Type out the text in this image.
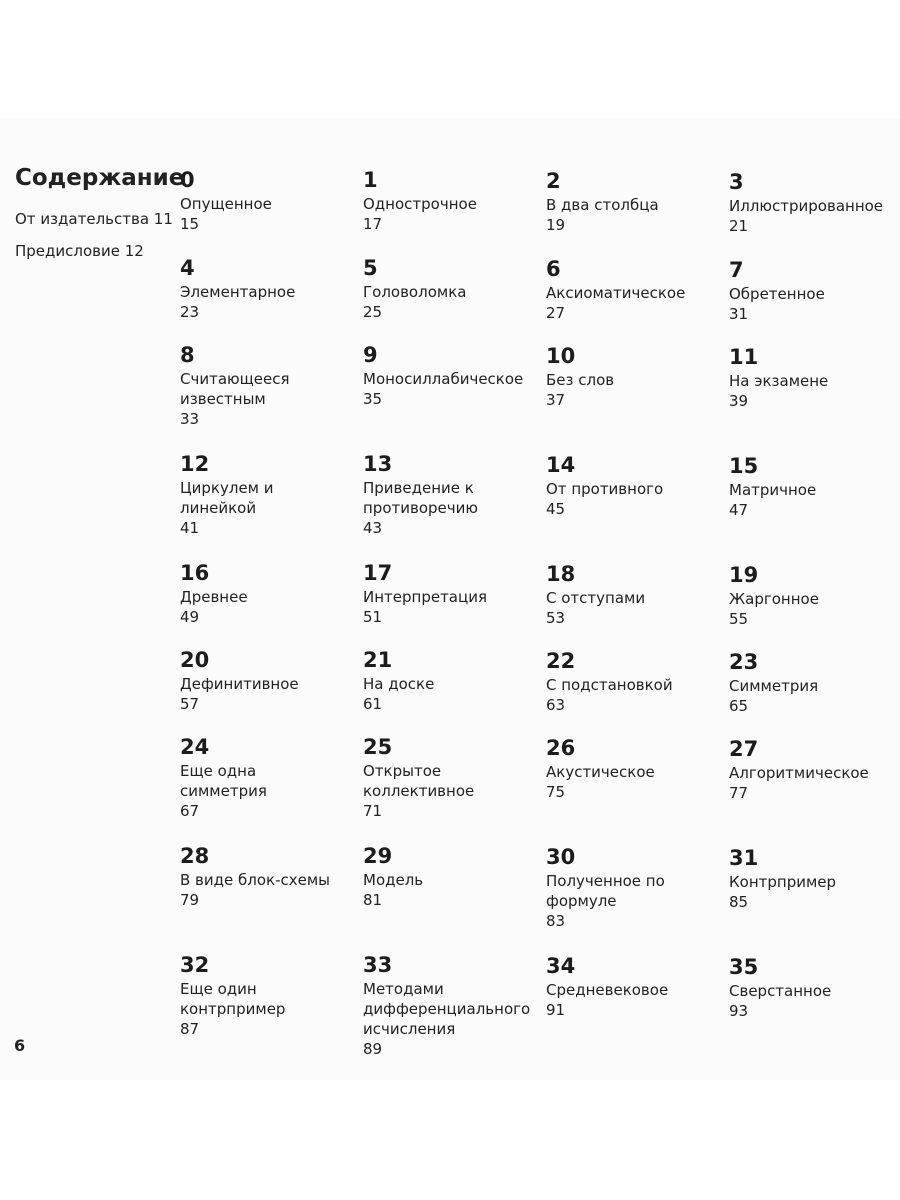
Содержание
От издательства 11
Предисловие 12
0
Опущенное
15
1
Однострочное
17
2
В два столбца
19
3
Иллюстрированное
21
4
Элементарное
23
5
Головоломка
25
6
Аксиоматическое
27
7
Обретенное
31
8
Считающееся известным
33
9
Моносиллабическое
35
10
Без слов
37
11
На экзамене
39
12
Циркулем и линейкой
41
13
Приведение к противоречию
43
14
От противного
45
15
Матричное
47
16
Древнее
49
17
Интерпретация
51
18
С отступами
53
19
Жаргонное
55
20
Дефинитивное
57
21
На доске
61
22
С подстановкой
63
23
Симметрия
65
24
Еще одна симметрия
67
25
Открытое коллективное
71
26
Акустическое
75
27
Алгоритмическое
77
28
В виде блок-схемы
79
29
Модель
81
30
Полученное по формуле
83
31
Контрпример
85
32
Еще один контрпример
87
33
Методами дифференциального исчисления
89
34
Средневековое
91
35
Сверстанное
93
6
